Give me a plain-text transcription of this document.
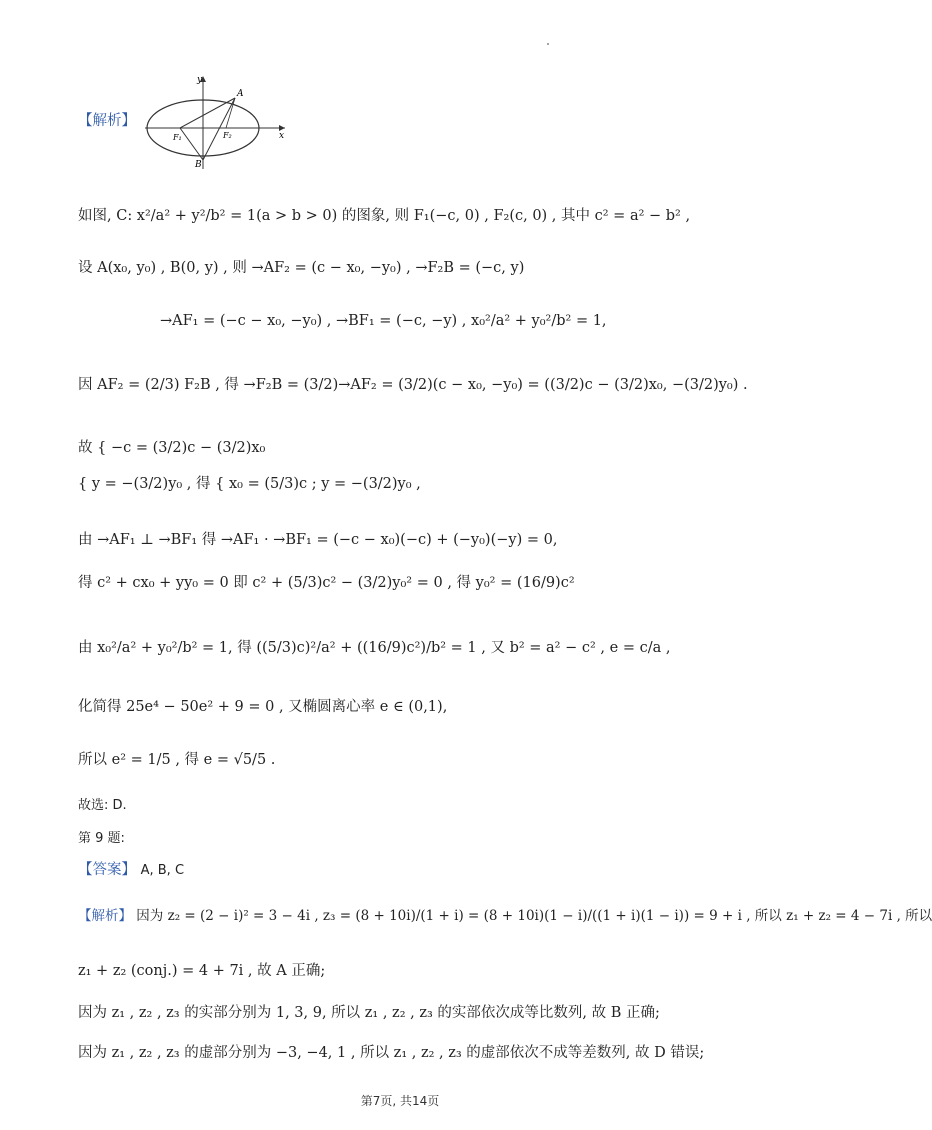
【解析】
y
x
A
B
F₁	F₂
如图, C: x²/a² + y²/b² = 1(a > b > 0) 的图象, 则 F₁(−c, 0) , F₂(c, 0) , 其中 c² = a² − b² ,
设 A(x₀, y₀) , B(0, y) , 则 →AF₂ = (c − x₀, −y₀) , →F₂B = (−c, y)
→AF₁ = (−c − x₀, −y₀) , →BF₁ = (−c, −y) , x₀²/a² + y₀²/b² = 1,
因 AF₂ = (2/3) F₂B , 得 →F₂B = (3/2)→AF₂ = (3/2)(c − x₀, −y₀) = ((3/2)c − (3/2)x₀, −(3/2)y₀) .
故 { −c = (3/2)c − (3/2)x₀
{ y = −(3/2)y₀ , 得 { x₀ = (5/3)c ; y = −(3/2)y₀ ,
由 →AF₁ ⊥ →BF₁ 得 →AF₁ · →BF₁ = (−c − x₀)(−c) + (−y₀)(−y) = 0,
得 c² + cx₀ + yy₀ = 0 即 c² + (5/3)c² − (3/2)y₀² = 0 , 得 y₀² = (16/9)c²
由 x₀²/a² + y₀²/b² = 1, 得 ((5/3)c)²/a² + ((16/9)c²)/b² = 1 , 又 b² = a² − c² , e = c/a ,
化简得 25e⁴ − 50e² + 9 = 0 , 又椭圆离心率 e ∈ (0,1),
所以 e² = 1/5 , 得 e = √5/5 .
故选: D.
第 9 题:
【答案】 A, B, C
【解析】 因为 z₂ = (2 − i)² = 3 − 4i , z₃ = (8 + 10i)/(1 + i) = (8 + 10i)(1 − i)/((1 + i)(1 − i)) = 9 + i , 所以 z₁ + z₂ = 4 − 7i , 所以
z₁ + z₂ (conj.) = 4 + 7i , 故 A 正确;
因为 z₁ , z₂ , z₃ 的实部分别为 1, 3, 9, 所以 z₁ , z₂ , z₃ 的实部依次成等比数列, 故 B 正确;
因为 z₁ , z₂ , z₃ 的虚部分别为 −3, −4, 1 , 所以 z₁ , z₂ , z₃ 的虚部依次不成等差数列, 故 D 错误;
第7页, 共14页
